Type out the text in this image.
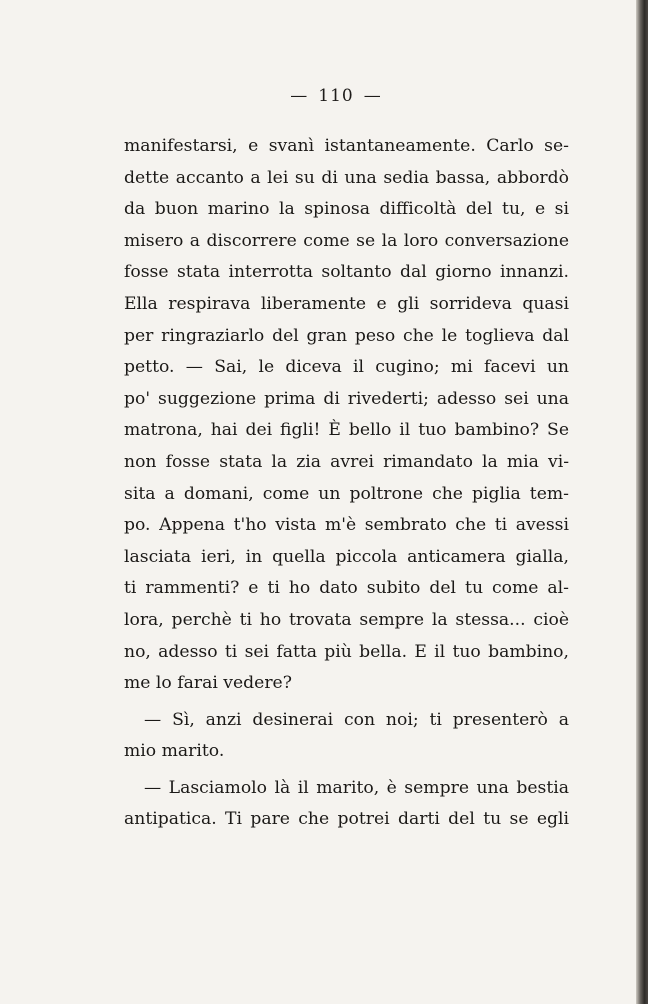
— 110 —
manifestarsi, e svanì istantaneamente. Carlo se-
dette accanto a lei su di una sedia bassa, abbordò
da buon marino la spinosa difficoltà del tu, e si
misero a discorrere come se la loro conversazione
fosse stata interrotta soltanto dal giorno innanzi.
Ella respirava liberamente e gli sorrideva quasi
per ringraziarlo del gran peso che le toglieva dal
petto. — Sai, le diceva il cugino; mi facevi un
po' suggezione prima di rivederti; adesso sei una
matrona, hai dei figli! È bello il tuo bambino? Se
non fosse stata la zia avrei rimandato la mia vi-
sita a domani, come un poltrone che piglia tem-
po. Appena t'ho vista m'è sembrato che ti avessi
lasciata ieri, in quella piccola anticamera gialla,
ti rammenti? e ti ho dato subito del tu come al-
lora, perchè ti ho trovata sempre la stessa... cioè
no, adesso ti sei fatta più bella. E il tuo bambino,
me lo farai vedere?
— Sì, anzi desinerai con noi; ti presenterò a
mio marito.
— Lasciamolo là il marito, è sempre una bestia
antipatica. Ti pare che potrei darti del tu se egli
